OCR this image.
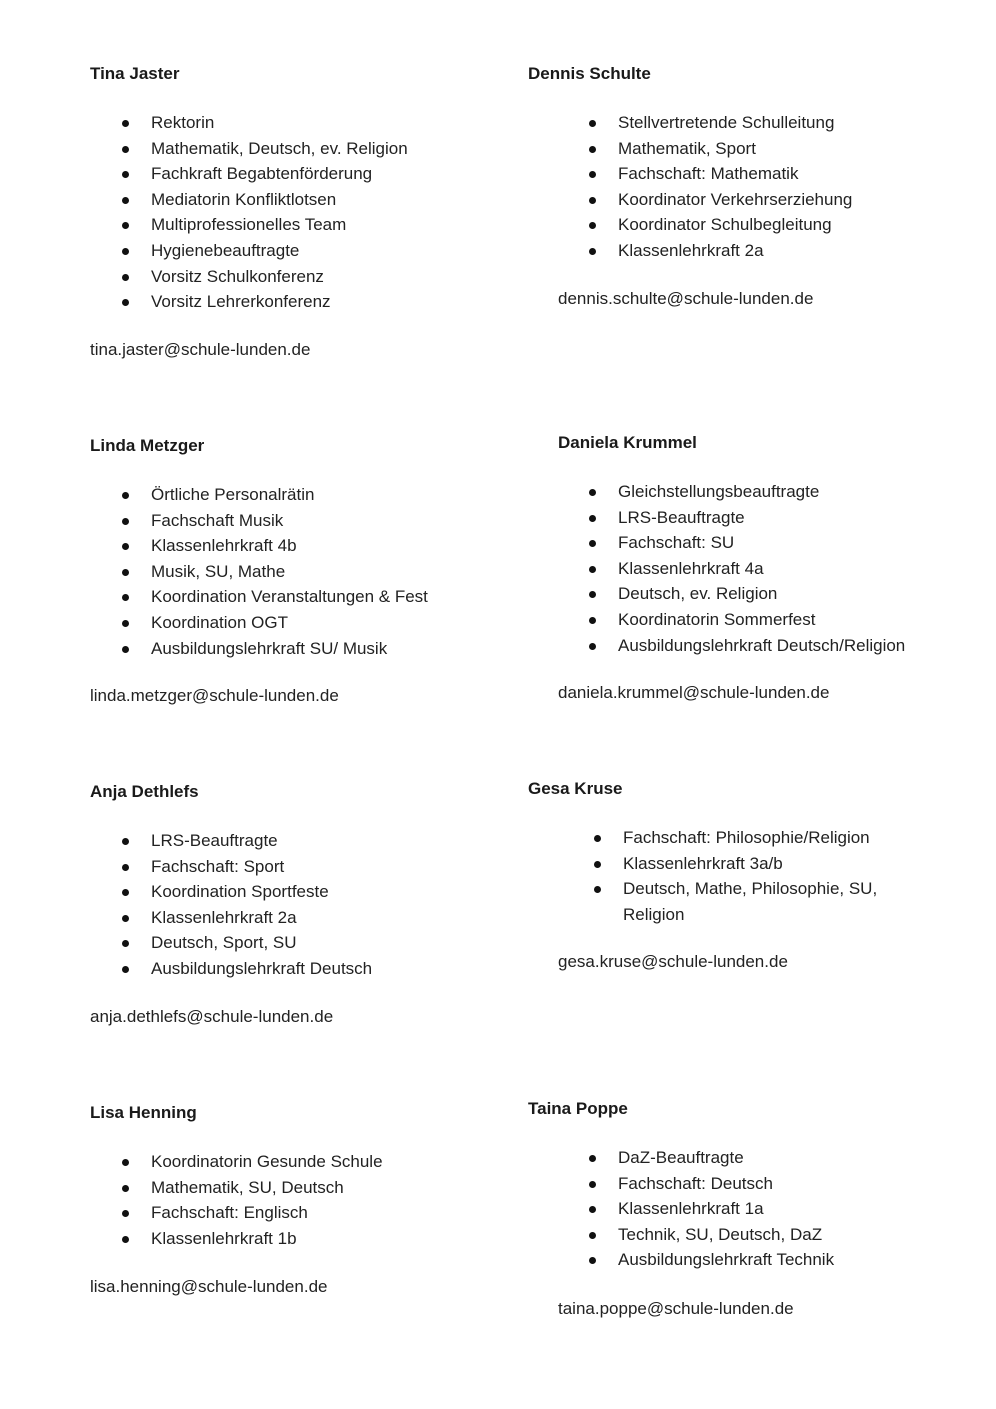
Tina Jaster
Rektorin
Mathematik, Deutsch, ev. Religion
Fachkraft Begabtenförderung
Mediatorin Konfliktlotsen
Multiprofessionelles Team
Hygienebeauftragte
Vorsitz Schulkonferenz
Vorsitz Lehrerkonferenz
tina.jaster@schule-lunden.de
Dennis Schulte
Stellvertretende Schulleitung
Mathematik, Sport
Fachschaft: Mathematik
Koordinator Verkehrserziehung
Koordinator Schulbegleitung
Klassenlehrkraft 2a
dennis.schulte@schule-lunden.de
Linda Metzger
Örtliche Personalrätin
Fachschaft Musik
Klassenlehrkraft 4b
Musik, SU, Mathe
Koordination Veranstaltungen & Fest
Koordination OGT
Ausbildungslehrkraft SU/ Musik
linda.metzger@schule-lunden.de
Daniela Krummel
Gleichstellungsbeauftragte
LRS-Beauftragte
Fachschaft: SU
Klassenlehrkraft 4a
Deutsch, ev. Religion
Koordinatorin Sommerfest
Ausbildungslehrkraft Deutsch/Religion
daniela.krummel@schule-lunden.de
Anja Dethlefs
LRS-Beauftragte
Fachschaft: Sport
Koordination Sportfeste
Klassenlehrkraft 2a
Deutsch, Sport, SU
Ausbildungslehrkraft Deutsch
anja.dethlefs@schule-lunden.de
Gesa Kruse
Fachschaft: Philosophie/Religion
Klassenlehrkraft 3a/b
Deutsch, Mathe, Philosophie, SU, Religion
gesa.kruse@schule-lunden.de
Lisa Henning
Koordinatorin Gesunde Schule
Mathematik, SU, Deutsch
Fachschaft: Englisch
Klassenlehrkraft 1b
lisa.henning@schule-lunden.de
Taina Poppe
DaZ-Beauftragte
Fachschaft: Deutsch
Klassenlehrkraft 1a
Technik, SU, Deutsch, DaZ
Ausbildungslehrkraft Technik
taina.poppe@schule-lunden.de
